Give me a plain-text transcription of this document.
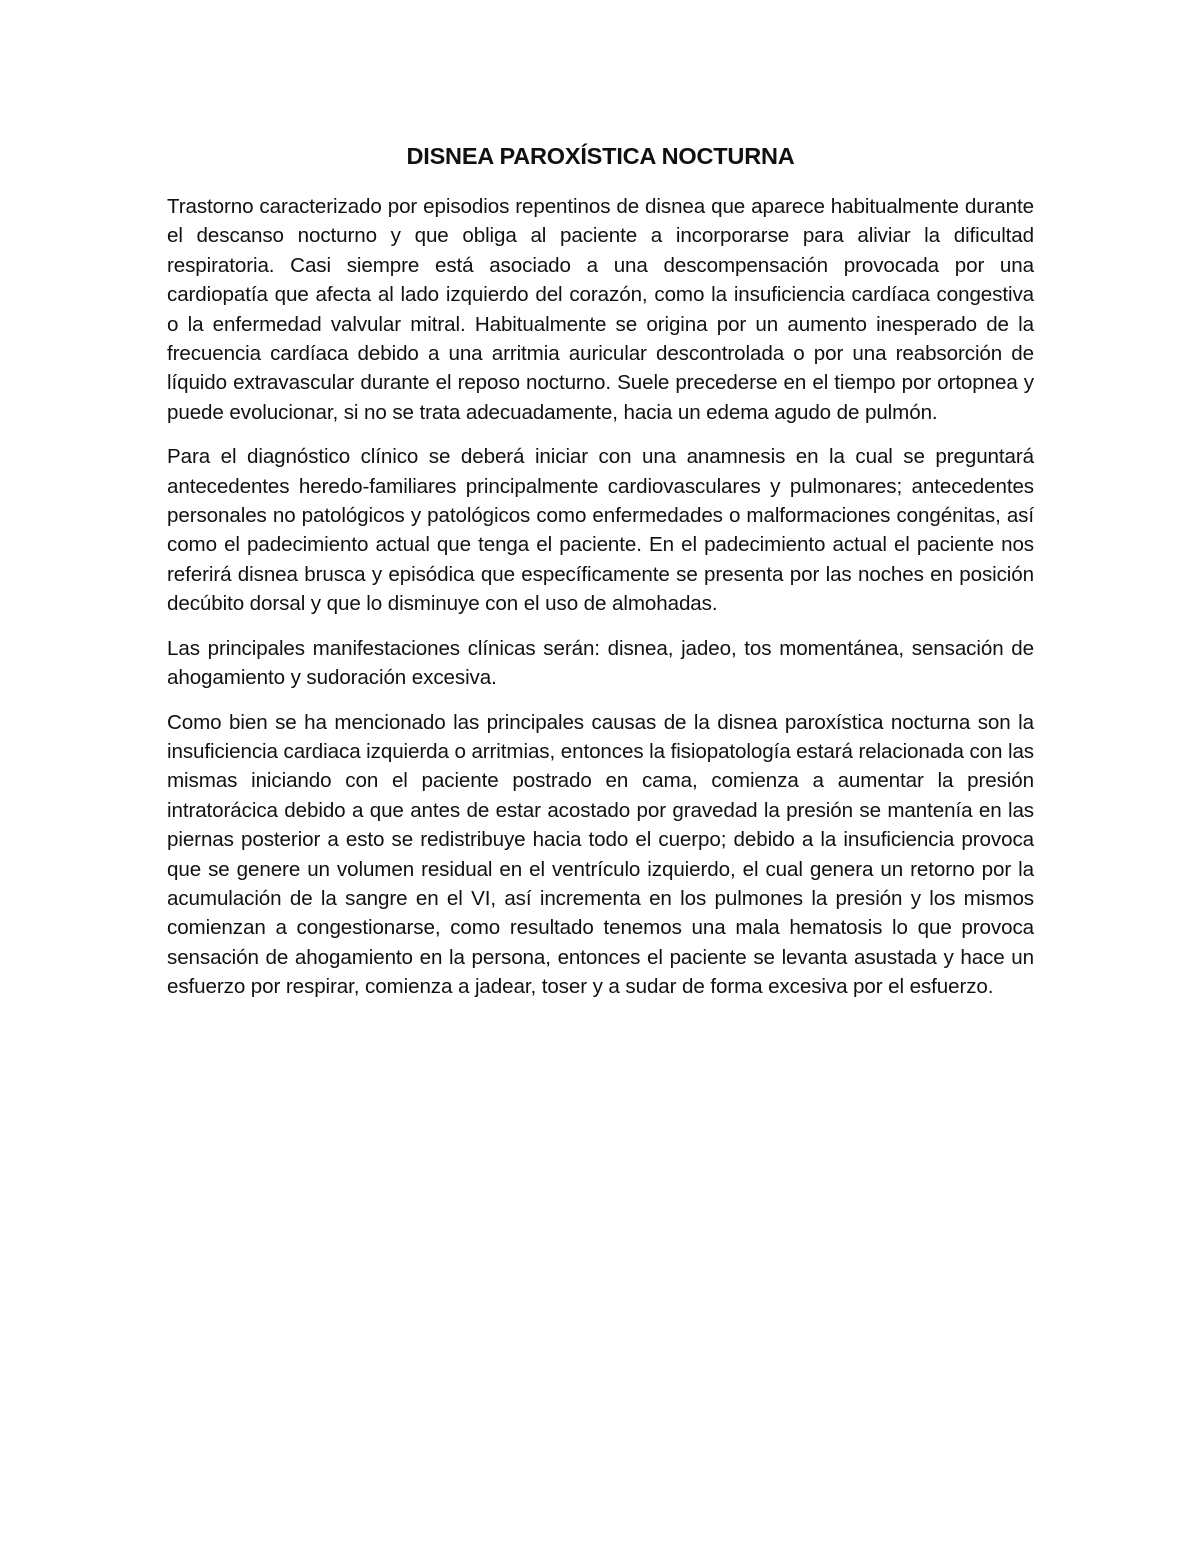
DISNEA PAROXÍSTICA NOCTURNA

Trastorno caracterizado por episodios repentinos de disnea que aparece habitualmente durante el descanso nocturno y que obliga al paciente a incorporarse para aliviar la dificultad respiratoria. Casi siempre está asociado a una descompensación provocada por una cardiopatía que afecta al lado izquierdo del corazón, como la insuficiencia cardíaca congestiva o la enfermedad valvular mitral. Habitualmente se origina por un aumento inesperado de la frecuencia cardíaca debido a una arritmia auricular descontrolada o por una reabsorción de líquido extravascular durante el reposo nocturno. Suele precederse en el tiempo por ortopnea y puede evolucionar, si no se trata adecuadamente, hacia un edema agudo de pulmón.

Para el diagnóstico clínico se deberá iniciar con una anamnesis en la cual se preguntará antecedentes heredo-familiares principalmente cardiovasculares y pulmonares; antecedentes personales no patológicos y patológicos como enfermedades o malformaciones congénitas, así como el padecimiento actual que tenga el paciente. En el padecimiento actual el paciente nos referirá disnea brusca y episódica que específicamente se presenta por las noches en posición decúbito dorsal y que lo disminuye con el uso de almohadas.

Las principales manifestaciones clínicas serán: disnea, jadeo, tos momentánea, sensación de ahogamiento y sudoración excesiva.

Como bien se ha mencionado las principales causas de la disnea paroxística nocturna son la insuficiencia cardiaca izquierda o arritmias, entonces la fisiopatología estará relacionada con las mismas iniciando con el paciente postrado en cama, comienza a aumentar la presión intratorácica debido a que antes de estar acostado por gravedad la presión se mantenía en las piernas posterior a esto se redistribuye hacia todo el cuerpo; debido a la insuficiencia provoca que se genere un volumen residual en el ventrículo izquierdo, el cual genera un retorno por la acumulación de la sangre en el VI, así incrementa en los pulmones la presión y los mismos comienzan a congestionarse, como resultado tenemos una mala hematosis lo que provoca sensación de ahogamiento en la persona, entonces el paciente se levanta asustada y hace un esfuerzo por respirar, comienza a jadear, toser y a sudar de forma excesiva por el esfuerzo.
